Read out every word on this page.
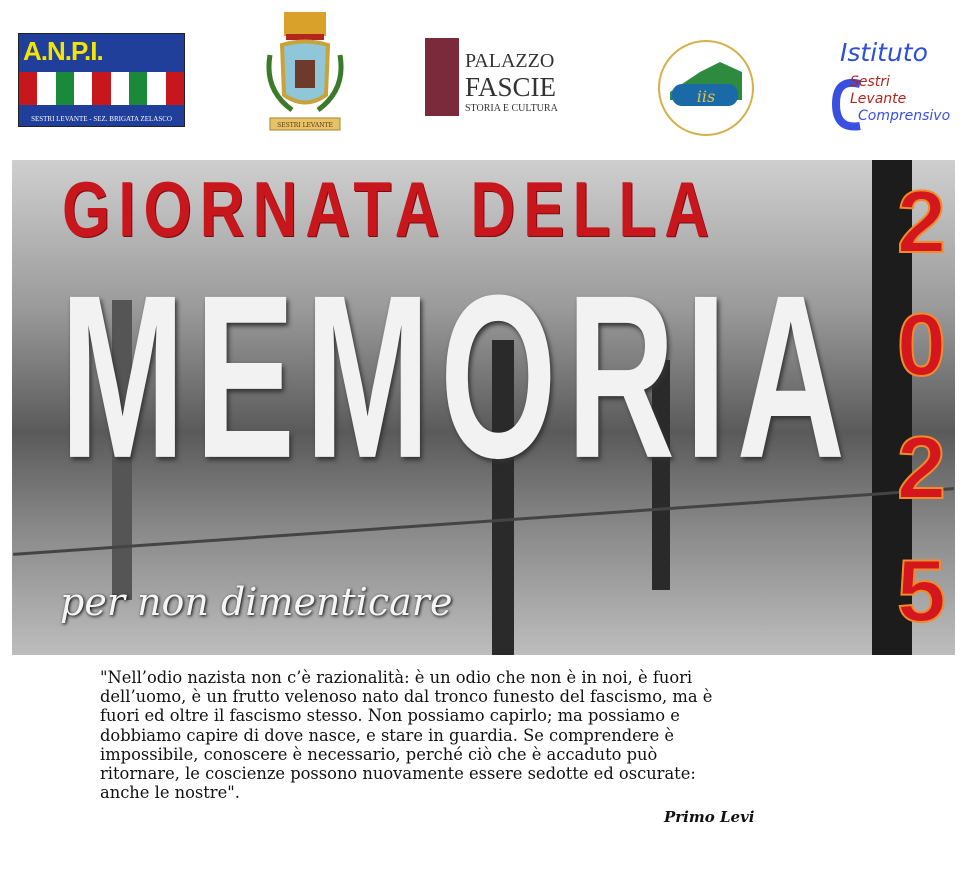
A.N.P.I.
SESTRI LEVANTE - SEZ. BRIGATA ZELASCO
SESTRI LEVANTE
PALAZZO
FASCIE
STORIA E CULTURA
iis
Istituto
Sestri
Levante
Comprensivo
GIORNATA DELLA
MEMORIA
per non dimenticare
2
0
2
5
"Nell’odio nazista non c’è razionalità: è un odio che non è in noi, è fuori
dell’uomo, è un frutto velenoso nato dal tronco funesto del fascismo, ma è
fuori ed oltre il fascismo stesso. Non possiamo capirlo; ma possiamo e
dobbiamo capire di dove nasce, e stare in guardia. Se comprendere è
impossibile, conoscere è necessario, perché ciò che è accaduto può
ritornare, le coscienze possono nuovamente essere sedotte ed oscurate:
anche le nostre".
Primo Levi
